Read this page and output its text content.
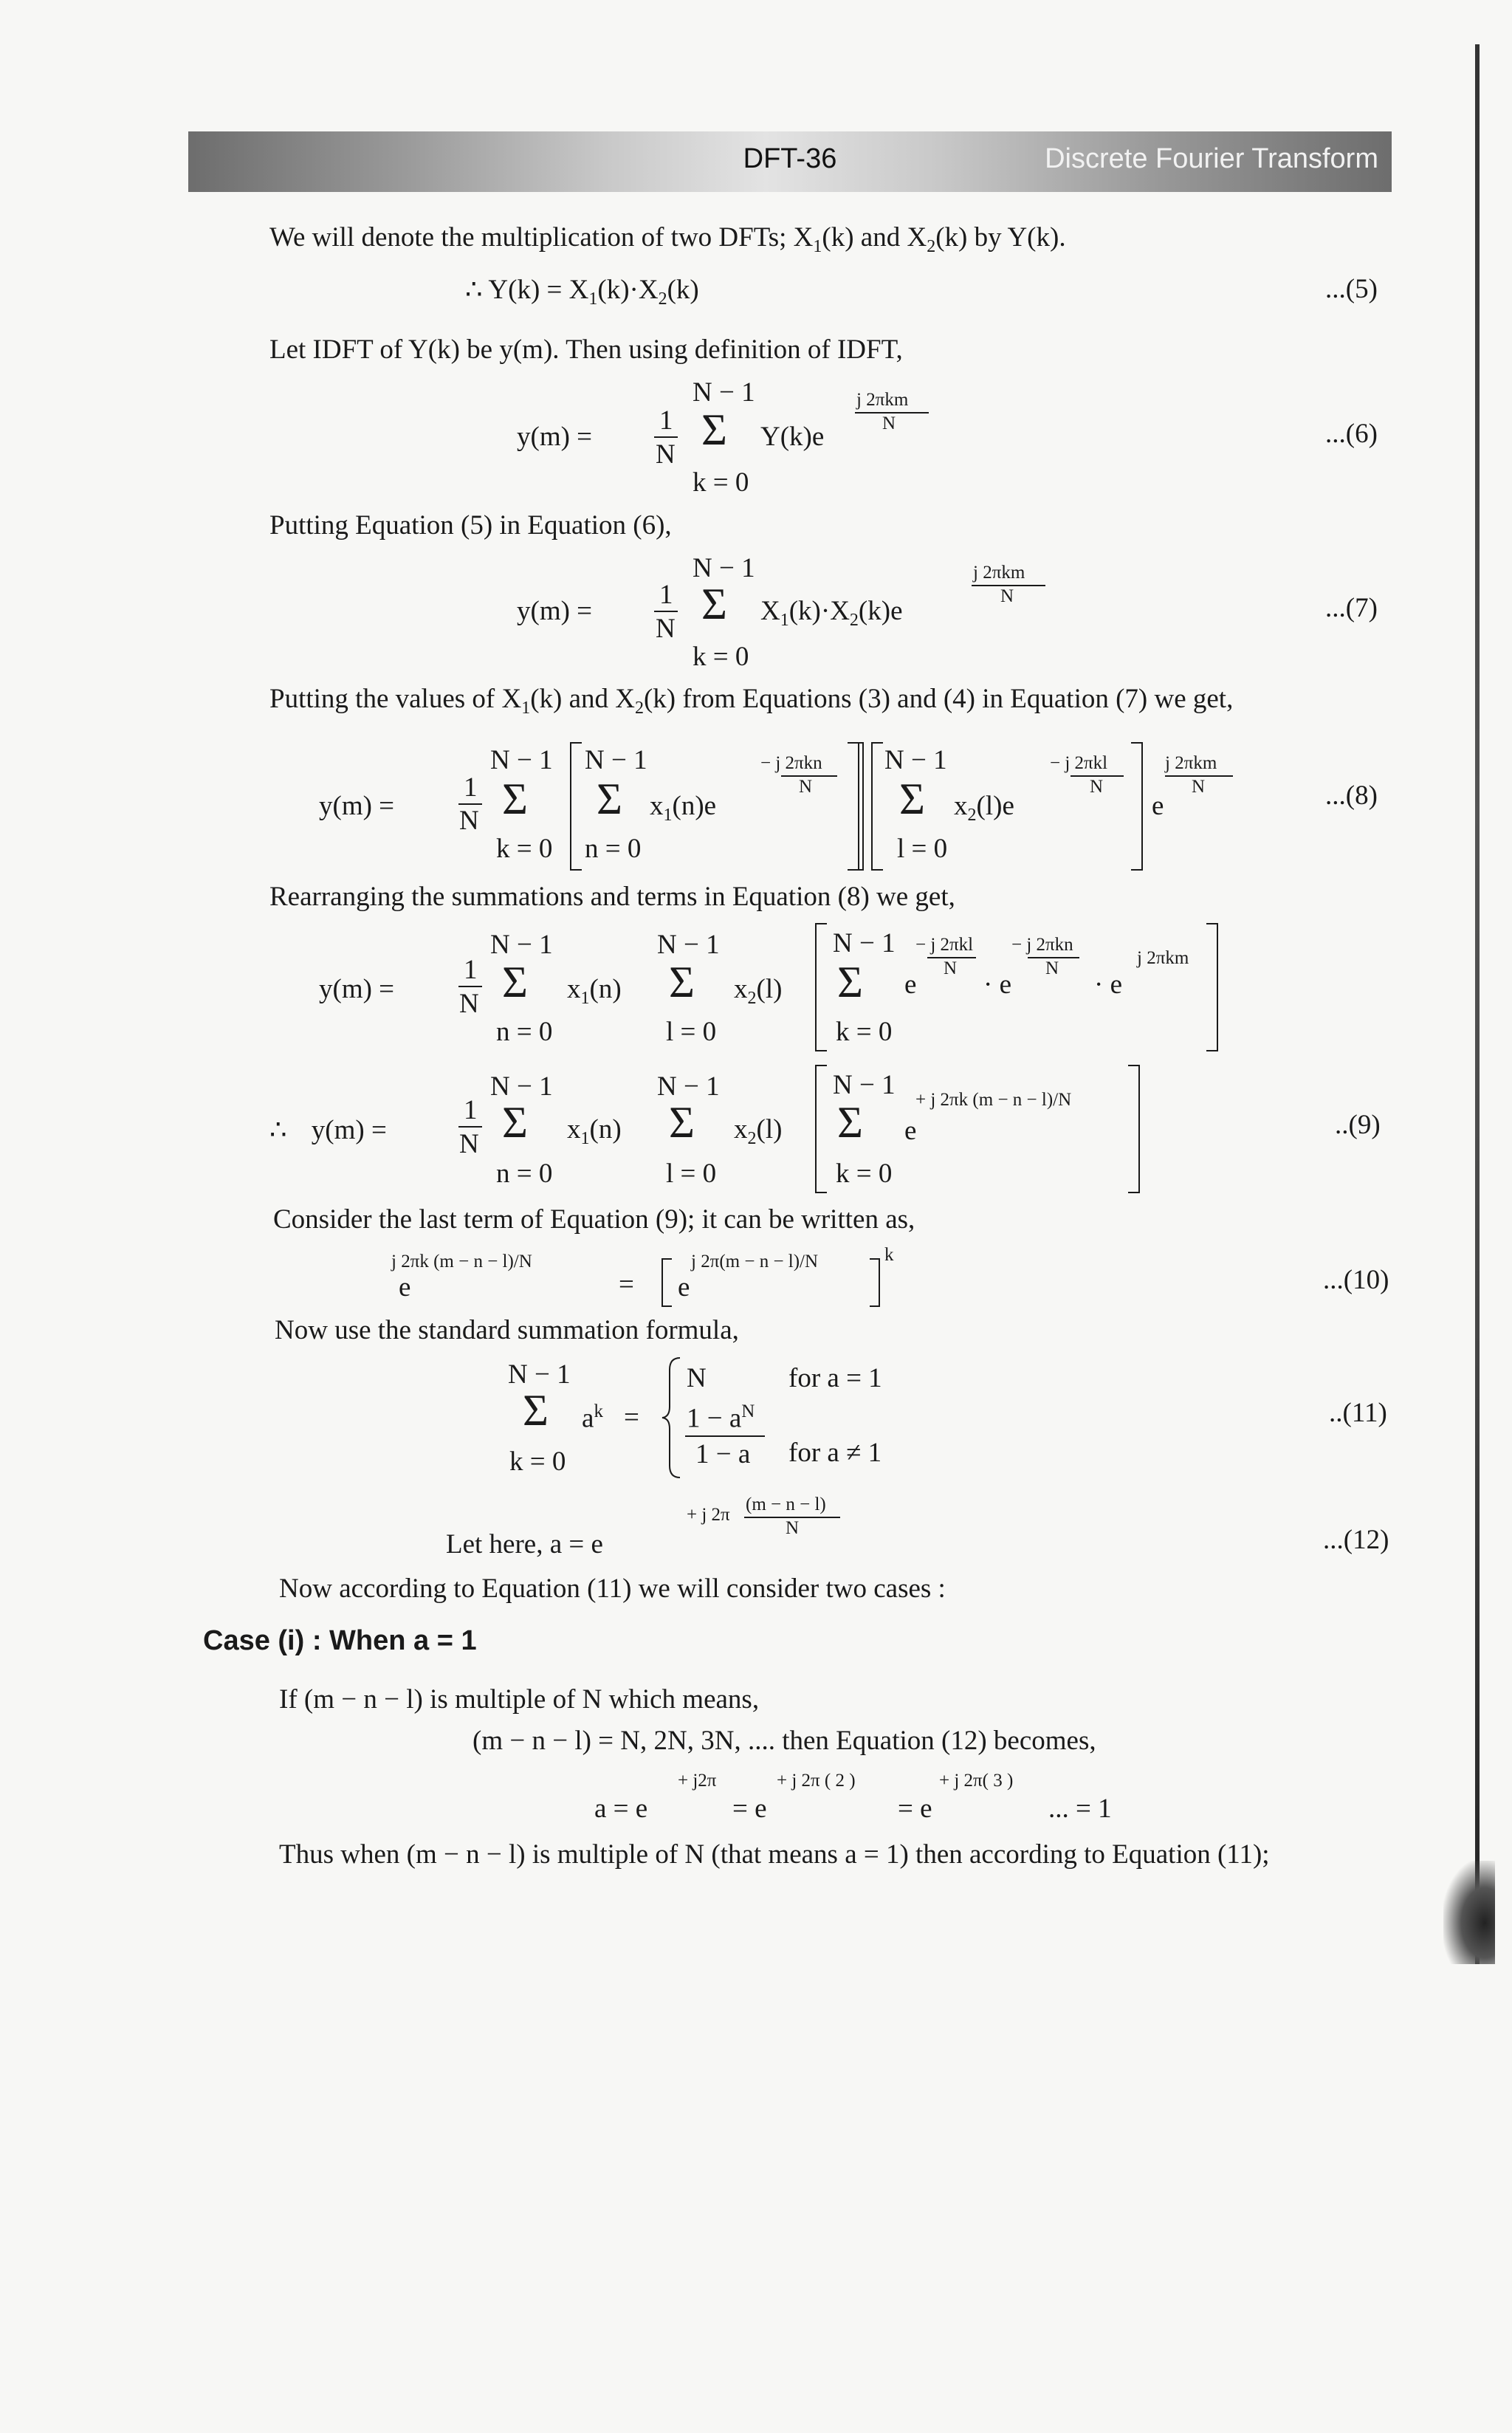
DFT-36	Discrete Fourier Transform
We will denote the multiplication of two DFTs; $X_1(k)$ and $X_2(k)$ by Y(k).
∴ $Y(k) = X_1(k)\cdot X_2(k)$	...(5)
Let IDFT of Y(k) be y(m). Then using definition of IDFT,
N − 1	j 2πkm
N
y(m) =
1
N
Σ Y(k)e
k = 0
...(6)
Putting Equation (5) in Equation (6),
N − 1	j 2πkm
N
y(m) =
1
N
Σ $X_1(k)\cdot X_2(k)e$
k = 0
...(7)
Putting the values of $X_1(k)$ and $X_2(k)$ from Equations (3) and (4) in Equation (7) we get,
y(m) =
1
N
N − 1
Σ
k = 0
N − 1
Σ
n = 0
$x_1(n)e$
− j 2πkn
N
N − 1
Σ
l = 0
$x_2(l)e$
− j 2πkl
N
e
j 2πkm
N	...(8)
Rearranging the summations and terms in Equation (8) we get,
y(m) =
1
N
N − 1
Σ
n = 0
$x_1(n)$
N − 1
Σ
l = 0
$x_2(l)$
N − 1
Σ
k = 0
e
− j 2πkl
N
· e
− j 2πkn
N
· e
j 2πkm
∴ y(m) =
1
N
N − 1
Σ
n = 0
$x_1(n)$
N − 1
Σ
l = 0
$x_2(l)$
N − 1
Σ
k = 0
e
+ j 2πk (m − n − l)/N
..(9)
Consider the last term of Equation (9); it can be written as,
j 2πk (m − n − l)/N
e	= e
j 2π(m − n − l)/N	k
...(10)
Now use the standard summation formula,
N − 1
Σ $a^k$
k = 0
=
N	for a = 1
$1 - a^N$
1 − a for a ≠ 1
..(11)
Let here, a = e
+ j 2π
(m − n − l)
N	...(12)
Now according to Equation (11) we will consider two cases :
Case (i) : When a = 1
If (m − n − l) is multiple of N which means,
(m − n − l) = N, 2N, 3N, .... then Equation (12) becomes,
a = e
+ j2π
= e
+ j 2π ( 2 )
= e
+ j 2π( 3 )
... = 1
Thus when (m − n − l) is multiple of N (that means a = 1) then according to Equation (11);
